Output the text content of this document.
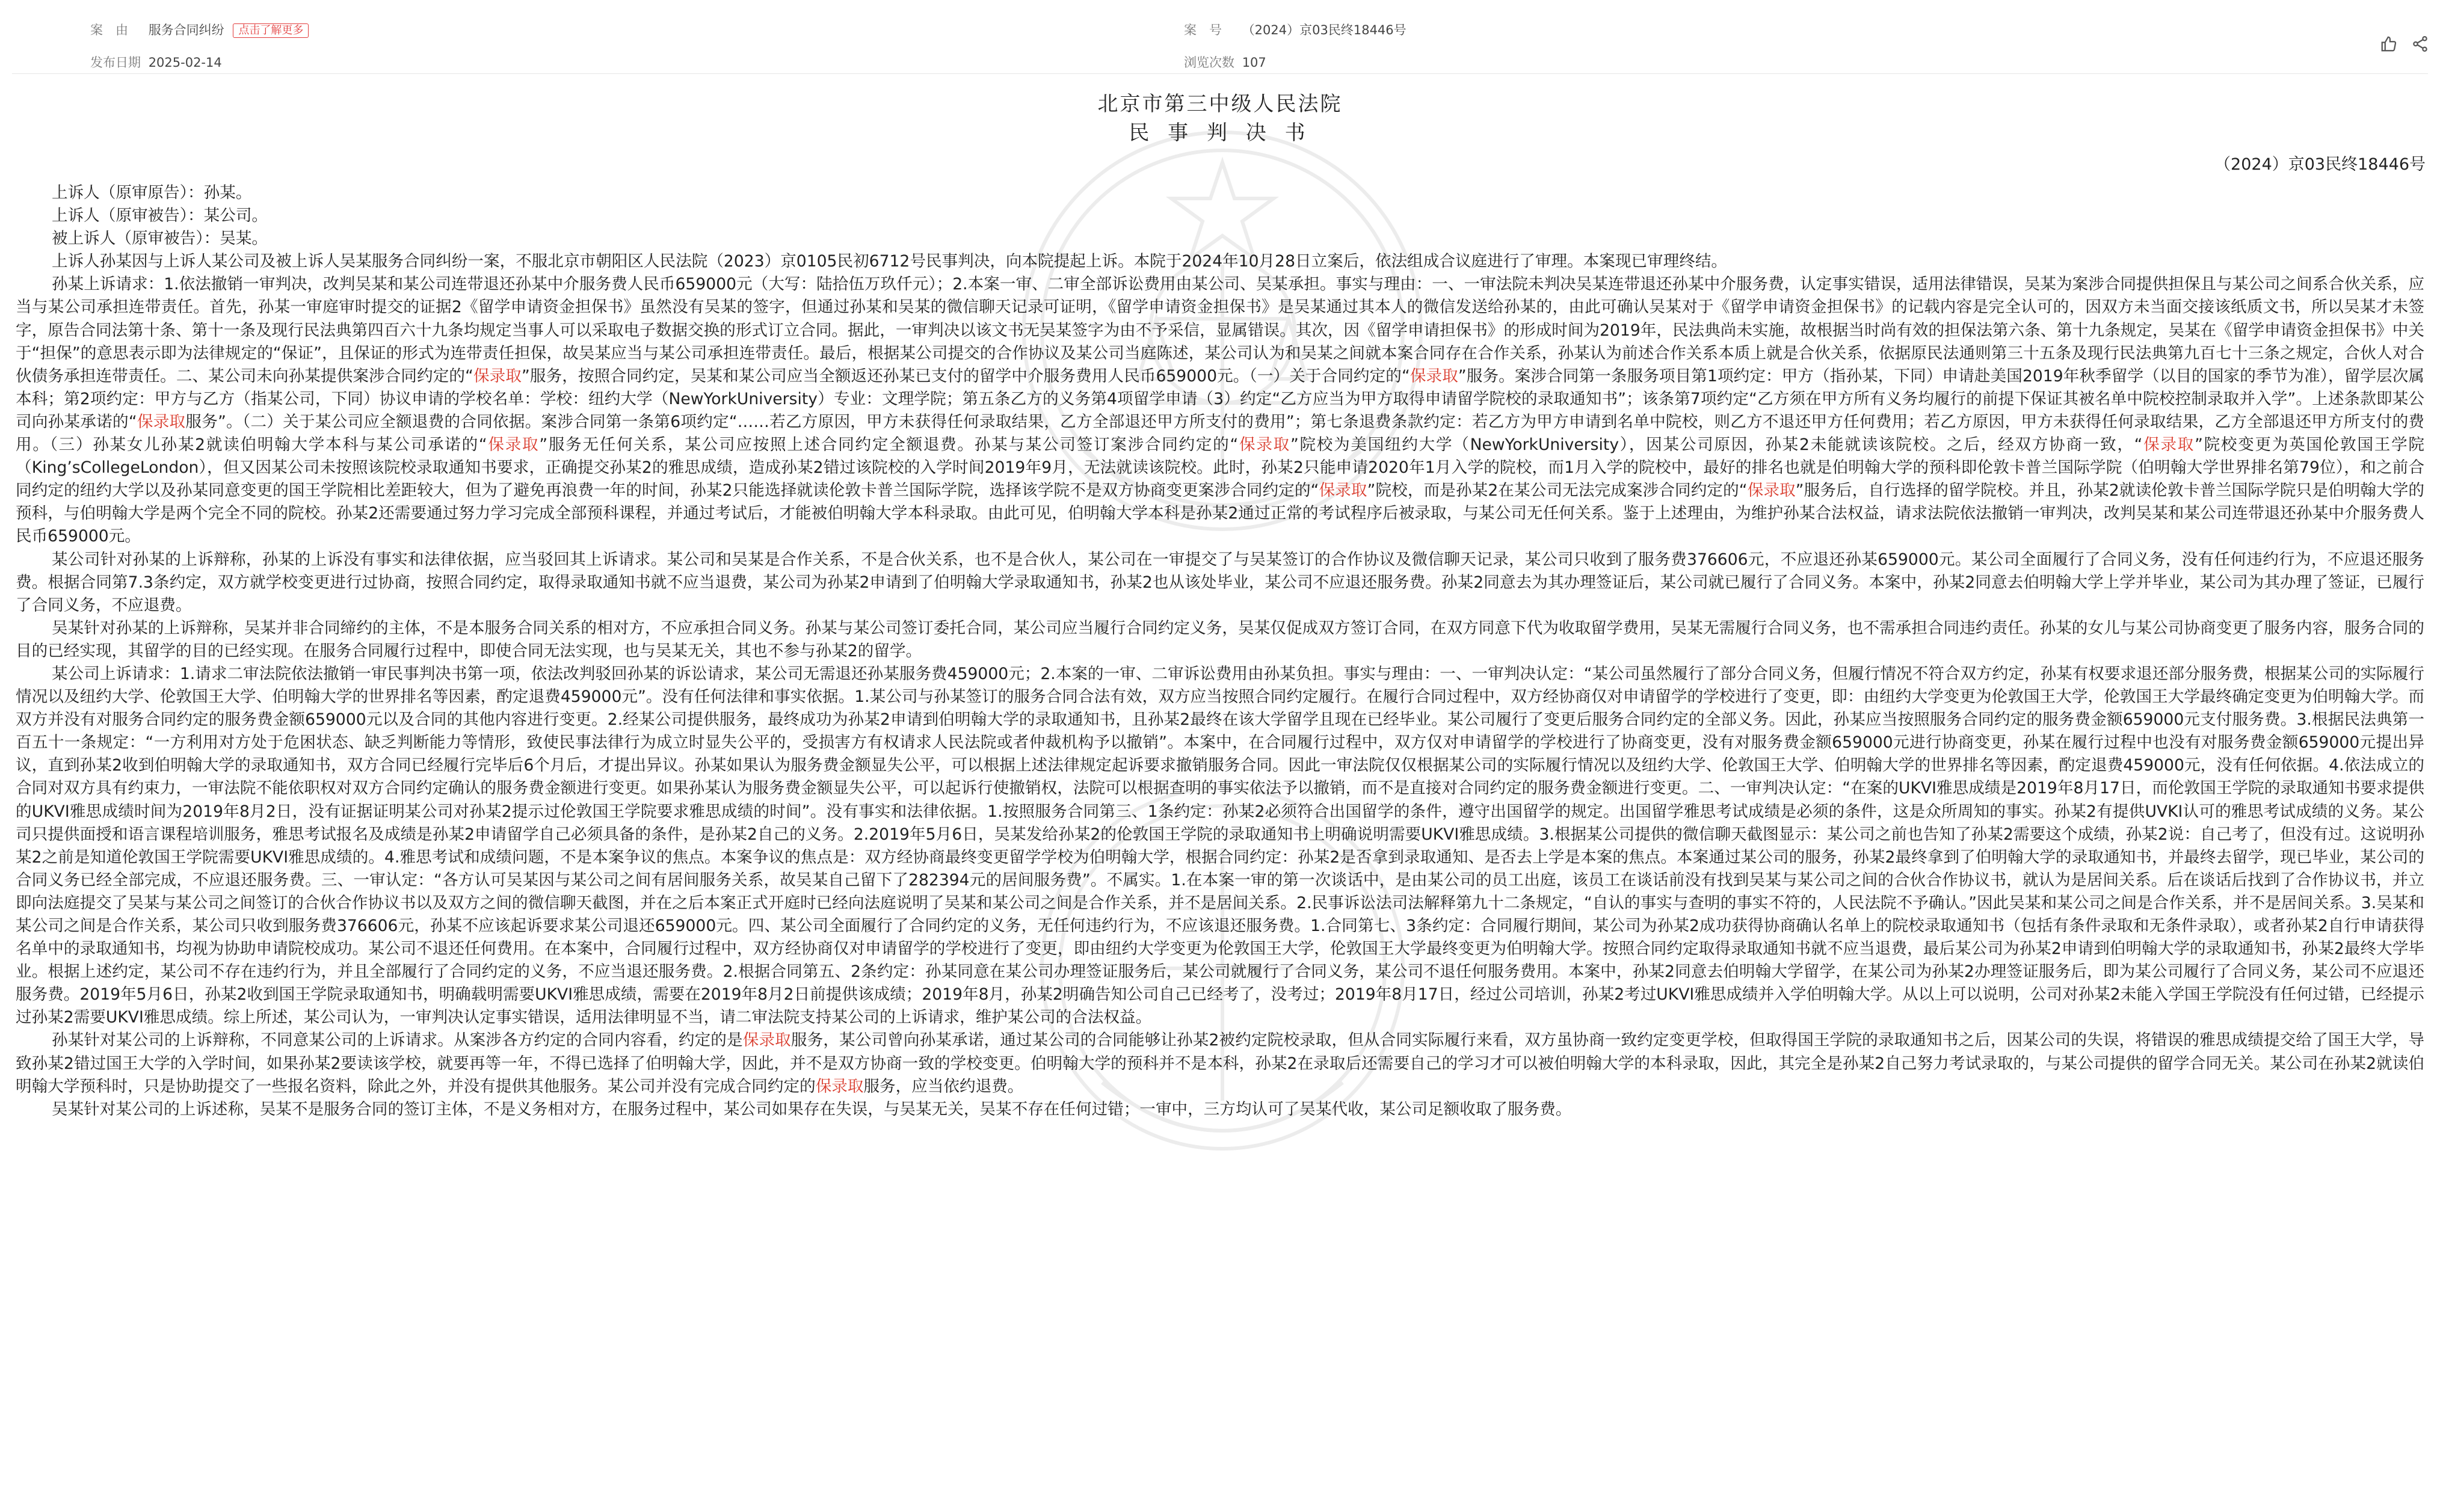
案　由 服务合同纠纷 点击了解更多
发布日期 2025-02-14
案　号 （2024）京03民终18446号
浏览次数 107
北京市第三中级人民法院
民 事 判 决 书
（2024）京03民终18446号

上诉人（原审原告）：孙某。

上诉人（原审被告）：某公司。

被上诉人（原审被告）：吴某。

上诉人孙某因与上诉人某公司及被上诉人吴某服务合同纠纷一案，不服北京市朝阳区人民法院（2023）京0105民初6712号民事判决，向本院提起上诉。本院于2024年10月28日立案后，依法组成合议庭进行了审理。本案现已审理终结。

孙某上诉请求：1.依法撤销一审判决，改判吴某和某公司连带退还孙某中介服务费人民币659000元（大写：陆拾伍万玖仟元）；2.本案一审、二审全部诉讼费用由某公司、吴某承担。事实与理由：一、一审法院未判决吴某连带退还孙某中介服务费，认定事实错误，适用法律错误，吴某为案涉合同提供担保且与某公司之间系合伙关系，应当与某公司承担连带责任。首先，孙某一审庭审时提交的证据2《留学申请资金担保书》虽然没有吴某的签字，但通过孙某和吴某的微信聊天记录可证明，《留学申请资金担保书》是吴某通过其本人的微信发送给孙某的，由此可确认吴某对于《留学申请资金担保书》的记载内容是完全认可的，因双方未当面交接该纸质文书，所以吴某才未签字，原告合同法第十条、第十一条及现行民法典第四百六十九条均规定当事人可以采取电子数据交换的形式订立合同。据此，一审判决以该文书无吴某签字为由不予采信，显属错误。其次，因《留学申请担保书》的形成时间为2019年，民法典尚未实施，故根据当时尚有效的担保法第六条、第十九条规定，吴某在《留学申请资金担保书》中关于“担保”的意思表示即为法律规定的“保证”，且保证的形式为连带责任担保，故吴某应当与某公司承担连带责任。最后，根据某公司提交的合作协议及某公司当庭陈述，某公司认为和吴某之间就本案合同存在合作关系，孙某认为前述合作关系本质上就是合伙关系，依据原民法通则第三十五条及现行民法典第九百七十三条之规定，合伙人对合伙债务承担连带责任。二、某公司未向孙某提供案涉合同约定的“保录取”服务，按照合同约定，吴某和某公司应当全额返还孙某已支付的留学中介服务费用人民币659000元。（一）关于合同约定的“保录取”服务。案涉合同第一条服务项目第1项约定：甲方（指孙某，下同）申请赴美国2019年秋季留学（以目的国家的季节为准），留学层次属本科；第2项约定：甲方与乙方（指某公司，下同）协议申请的学校名单：学校：纽约大学（NewYorkUniversity）专业：文理学院；第五条乙方的义务第4项留学申请（3）约定“乙方应当为甲方取得申请留学院校的录取通知书”；该条第7项约定“乙方须在甲方所有义务均履行的前提下保证其被名单中院校控制录取并入学”。上述条款即某公司向孙某承诺的“保录取服务”。（二）关于某公司应全额退费的合同依据。案涉合同第一条第6项约定“……若乙方原因，甲方未获得任何录取结果，乙方全部退还甲方所支付的费用”；第七条退费条款约定：若乙方为甲方申请到名单中院校，则乙方不退还甲方任何费用；若乙方原因，甲方未获得任何录取结果，乙方全部退还甲方所支付的费用。（三）孙某女儿孙某2就读伯明翰大学本科与某公司承诺的“保录取”服务无任何关系，某公司应按照上述合同约定全额退费。孙某与某公司签订案涉合同约定的“保录取”院校为美国纽约大学（NewYorkUniversity），因某公司原因，孙某2未能就读该院校。之后，经双方协商一致，“保录取”院校变更为英国伦敦国王学院（King’sCollegeLondon），但又因某公司未按照该院校录取通知书要求，正确提交孙某2的雅思成绩，造成孙某2错过该院校的入学时间2019年9月，无法就读该院校。此时，孙某2只能申请2020年1月入学的院校，而1月入学的院校中，最好的排名也就是伯明翰大学的预科即伦敦卡普兰国际学院（伯明翰大学世界排名第79位），和之前合同约定的纽约大学以及孙某同意变更的国王学院相比差距较大，但为了避免再浪费一年的时间，孙某2只能选择就读伦敦卡普兰国际学院，选择该学院不是双方协商变更案涉合同约定的“保录取”院校，而是孙某2在某公司无法完成案涉合同约定的“保录取”服务后，自行选择的留学院校。并且，孙某2就读伦敦卡普兰国际学院只是伯明翰大学的预科，与伯明翰大学是两个完全不同的院校。孙某2还需要通过努力学习完成全部预科课程，并通过考试后，才能被伯明翰大学本科录取。由此可见，伯明翰大学本科是孙某2通过正常的考试程序后被录取，与某公司无任何关系。鉴于上述理由，为维护孙某合法权益，请求法院依法撤销一审判决，改判吴某和某公司连带退还孙某中介服务费人民币659000元。

某公司针对孙某的上诉辩称，孙某的上诉没有事实和法律依据，应当驳回其上诉请求。某公司和吴某是合作关系，不是合伙关系，也不是合伙人，某公司在一审提交了与吴某签订的合作协议及微信聊天记录，某公司只收到了服务费376606元，不应退还孙某659000元。某公司全面履行了合同义务，没有任何违约行为，不应退还服务费。根据合同第7.3条约定，双方就学校变更进行过协商，按照合同约定，取得录取通知书就不应当退费，某公司为孙某2申请到了伯明翰大学录取通知书，孙某2也从该处毕业，某公司不应退还服务费。孙某2同意去为其办理签证后，某公司就已履行了合同义务。本案中，孙某2同意去伯明翰大学上学并毕业，某公司为其办理了签证，已履行了合同义务，不应退费。

吴某针对孙某的上诉辩称，吴某并非合同缔约的主体，不是本服务合同关系的相对方，不应承担合同义务。孙某与某公司签订委托合同，某公司应当履行合同约定义务，吴某仅促成双方签订合同，在双方同意下代为收取留学费用，吴某无需履行合同义务，也不需承担合同违约责任。孙某的女儿与某公司协商变更了服务内容，服务合同的目的已经实现，其留学的目的已经实现。在服务合同履行过程中，即使合同无法实现，也与吴某无关，其也不参与孙某2的留学。

某公司上诉请求：1.请求二审法院依法撤销一审民事判决书第一项，依法改判驳回孙某的诉讼请求，某公司无需退还孙某服务费459000元；2.本案的一审、二审诉讼费用由孙某负担。事实与理由：一、一审判决认定：“某公司虽然履行了部分合同义务，但履行情况不符合双方约定，孙某有权要求退还部分服务费，根据某公司的实际履行情况以及纽约大学、伦敦国王大学、伯明翰大学的世界排名等因素，酌定退费459000元”。没有任何法律和事实依据。1.某公司与孙某签订的服务合同合法有效，双方应当按照合同约定履行。在履行合同过程中，双方经协商仅对申请留学的学校进行了变更，即：由纽约大学变更为伦敦国王大学，伦敦国王大学最终确定变更为伯明翰大学。而双方并没有对服务合同约定的服务费金额659000元以及合同的其他内容进行变更。2.经某公司提供服务，最终成功为孙某2申请到伯明翰大学的录取通知书，且孙某2最终在该大学留学且现在已经毕业。某公司履行了变更后服务合同约定的全部义务。因此，孙某应当按照服务合同约定的服务费金额659000元支付服务费。3.根据民法典第一百五十一条规定：“一方利用对方处于危困状态、缺乏判断能力等情形，致使民事法律行为成立时显失公平的，受损害方有权请求人民法院或者仲裁机构予以撤销”。本案中，在合同履行过程中，双方仅对申请留学的学校进行了协商变更，没有对服务费金额659000元进行协商变更，孙某在履行过程中也没有对服务费金额659000元提出异议，直到孙某2收到伯明翰大学的录取通知书，双方合同已经履行完毕后6个月后，才提出异议。孙某如果认为服务费金额显失公平，可以根据上述法律规定起诉要求撤销服务合同。因此一审法院仅仅根据某公司的实际履行情况以及纽约大学、伦敦国王大学、伯明翰大学的世界排名等因素，酌定退费459000元，没有任何依据。4.依法成立的合同对双方具有约束力，一审法院不能依职权对双方合同约定确认的服务费金额进行变更。如果孙某认为服务费金额显失公平，可以起诉行使撤销权，法院可以根据查明的事实依法予以撤销，而不是直接对合同约定的服务费金额进行变更。二、一审判决认定：“在案的UKVI雅思成绩是2019年8月17日，而伦敦国王学院的录取通知书要求提供的UKVI雅思成绩时间为2019年8月2日，没有证据证明某公司对孙某2提示过伦敦国王学院要求雅思成绩的时间”。没有事实和法律依据。1.按照服务合同第三、1条约定：孙某2必须符合出国留学的条件，遵守出国留学的规定。出国留学雅思考试成绩是必须的条件，这是众所周知的事实。孙某2有提供UVKI认可的雅思考试成绩的义务。某公司只提供面授和语言课程培训服务，雅思考试报名及成绩是孙某2申请留学自己必须具备的条件，是孙某2自己的义务。2.2019年5月6日，吴某发给孙某2的伦敦国王学院的录取通知书上明确说明需要UKVI雅思成绩。3.根据某公司提供的微信聊天截图显示：某公司之前也告知了孙某2需要这个成绩，孙某2说：自己考了，但没有过。这说明孙某2之前是知道伦敦国王学院需要UKVI雅思成绩的。4.雅思考试和成绩问题，不是本案争议的焦点。本案争议的焦点是：双方经协商最终变更留学学校为伯明翰大学，根据合同约定：孙某2是否拿到录取通知、是否去上学是本案的焦点。本案通过某公司的服务，孙某2最终拿到了伯明翰大学的录取通知书，并最终去留学，现已毕业，某公司的合同义务已经全部完成，不应退还服务费。三、一审认定：“各方认可吴某因与某公司之间有居间服务关系，故吴某自己留下了282394元的居间服务费”。不属实。1.在本案一审的第一次谈话中，是由某公司的员工出庭，该员工在谈话前没有找到吴某与某公司之间的合伙合作协议书，就认为是居间关系。后在谈话后找到了合作协议书，并立即向法庭提交了吴某与某公司之间签订的合伙合作协议书以及双方之间的微信聊天截图，并在之后本案正式开庭时已经向法庭说明了吴某和某公司之间是合作关系，并不是居间关系。2.民事诉讼法司法解释第九十二条规定，“自认的事实与查明的事实不符的，人民法院不予确认。”因此吴某和某公司之间是合作关系，并不是居间关系。3.吴某和某公司之间是合作关系，某公司只收到服务费376606元，孙某不应该起诉要求某公司退还659000元。四、某公司全面履行了合同约定的义务，无任何违约行为，不应该退还服务费。1.合同第七、3条约定：合同履行期间，某公司为孙某2成功获得协商确认名单上的院校录取通知书（包括有条件录取和无条件录取），或者孙某2自行申请获得名单中的录取通知书，均视为协助申请院校成功。某公司不退还任何费用。在本案中，合同履行过程中，双方经协商仅对申请留学的学校进行了变更，即由纽约大学变更为伦敦国王大学，伦敦国王大学最终变更为伯明翰大学。按照合同约定取得录取通知书就不应当退费，最后某公司为孙某2申请到伯明翰大学的录取通知书，孙某2最终大学毕业。根据上述约定，某公司不存在违约行为，并且全部履行了合同约定的义务，不应当退还服务费。2.根据合同第五、2条约定：孙某同意在某公司办理签证服务后，某公司就履行了合同义务，某公司不退任何服务费用。本案中，孙某2同意去伯明翰大学留学，在某公司为孙某2办理签证服务后，即为某公司履行了合同义务，某公司不应退还服务费。2019年5月6日，孙某2收到国王学院录取通知书，明确载明需要UKVI雅思成绩，需要在2019年8月2日前提供该成绩；2019年8月，孙某2明确告知公司自己已经考了，没考过；2019年8月17日，经过公司培训，孙某2考过UKVI雅思成绩并入学伯明翰大学。从以上可以说明，公司对孙某2未能入学国王学院没有任何过错，已经提示过孙某2需要UKVI雅思成绩。综上所述，某公司认为，一审判决认定事实错误，适用法律明显不当，请二审法院支持某公司的上诉请求，维护某公司的合法权益。

孙某针对某公司的上诉辩称，不同意某公司的上诉请求。从案涉各方约定的合同内容看，约定的是保录取服务，某公司曾向孙某承诺，通过某公司的合同能够让孙某2被约定院校录取，但从合同实际履行来看，双方虽协商一致约定变更学校，但取得国王学院的录取通知书之后，因某公司的失误，将错误的雅思成绩提交给了国王大学，导致孙某2错过国王大学的入学时间，如果孙某2要读该学校，就要再等一年，不得已选择了伯明翰大学，因此，并不是双方协商一致的学校变更。伯明翰大学的预科并不是本科，孙某2在录取后还需要自己的学习才可以被伯明翰大学的本科录取，因此，其完全是孙某2自己努力考试录取的，与某公司提供的留学合同无关。某公司在孙某2就读伯明翰大学预科时，只是协助提交了一些报名资料，除此之外，并没有提供其他服务。某公司并没有完成合同约定的保录取服务，应当依约退费。

吴某针对某公司的上诉述称，吴某不是服务合同的签订主体，不是义务相对方，在服务过程中，某公司如果存在失误，与吴某无关，吴某不存在任何过错；一审中，三方均认可了吴某代收，某公司足额收取了服务费。
